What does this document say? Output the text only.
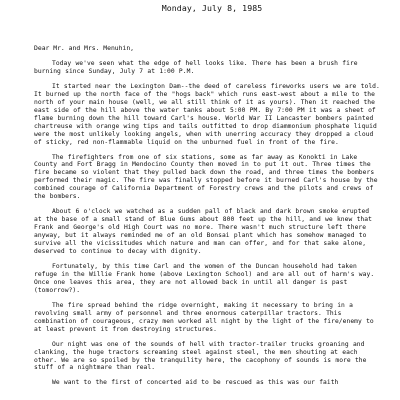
Monday, July 8, 1985
Dear Mr. and Mrs. Menuhin,

Today we've seen what the edge of hell looks like. There has been a brush fire burning since Sunday, July 7 at 1:00 P.M.

It started near the Lexington Dam--the deed of careless fireworks users we are told. It burned up the north face of the "hogs back" which runs east-west about a mile to the north of your main house (well, we all still think of it as yours). Then it reached the east side of the hill above the water tanks about 5:00 PM. By 7:00 PM it was a sheet of flame burning down the hill toward Carl's house. World War II Lancaster bombers painted chartreuse with orange wing tips and tails outfitted to drop diammonium phosphate liquid were the most unlikely looking angels, when with unerring accuracy they dropped a cloud of sticky, red non-flammable liquid on the unburned fuel in front of the fire.

The firefighters from one of six stations, some as far away as Konokti in Lake County and Fort Bragg in Mendocino County then moved in to put it out. Three times the fire became so violent that they pulled back down the road, and three times the bombers performed their magic. The fire was finally stopped before it burned Carl's house by the combined courage of California Department of Forestry crews and the pilots and crews of the bombers.

About 6 o'clock we watched as a sudden pall of black and dark brown smoke erupted at the base of a small stand of Blue Gums about 800 feet up the hill, and we knew that Frank and George's old High Court was no more. There wasn't much structure left there anyway, but it always reminded me of an old Bonsai plant which has somehow managed to survive all the vicissitudes which nature and man can offer, and for that sake alone, deserved to continue to decay with dignity.

Fortunately, by this time Carl and the women of the Duncan household had taken refuge in the Willie Frank home (above Lexington School) and are all out of harm's way. Once one leaves this area, they are not allowed back in until all danger is past (tomorrow?).

The fire spread behind the ridge overnight, making it necessary to bring in a revolving small army of personnel and three enormous caterpillar tractors. This combination of courageous, crazy men worked all night by the light of the fire/enemy to at least prevent it from destroying structures.

Our night was one of the sounds of hell with tractor-trailer trucks groaning and clanking, the huge tractors screaming steel against steel, the men shouting at each other. We are so spoiled by the tranquility here, the cacophony of sounds is more the stuff of a nightmare than real.

We want to the first of concerted aid to be rescued as this was our faith
